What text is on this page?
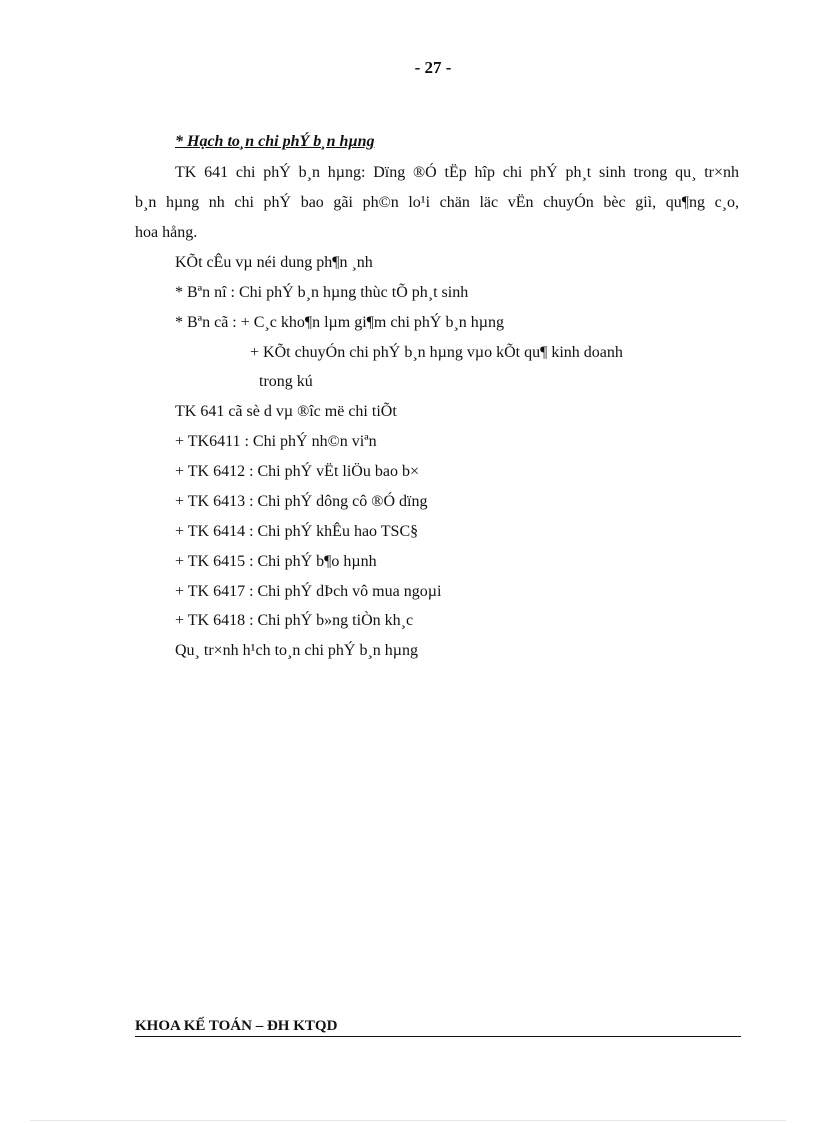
- 27 -
* Hạch to¸n chi phÝ b¸n hµng
TK 641 chi phÝ b¸n hµng: Dïng ®Ó tËp hîp chi phÝ ph¸t sinh trong qu¸ tr×nh
b¸n hµng nh chi phÝ bao gãi ph©n lo¹i chän läc vËn chuyÓn bèc giì, qu¶ng c¸o,
hoa hång.
KÕt cÊu vµ néi dung ph¶n ¸nh
* Bªn nî : Chi phÝ b¸n hµng thùc tÕ ph¸t sinh
* Bªn cã : + C¸c kho¶n lµm gi¶m chi phÝ b¸n hµng
+ KÕt chuyÓn chi phÝ b¸n hµng vµo kÕt qu¶ kinh doanh
trong kú
TK 641 cã sè d vµ ®îc më chi tiÕt
+ TK6411 : Chi phÝ nh©n viªn
+ TK 6412 : Chi phÝ vËt liÖu bao b×
+ TK 6413 : Chi phÝ dông cô ®Ó dïng
+ TK 6414 : Chi phÝ khÊu hao TSC§
+ TK 6415 : Chi phÝ b¶o hµnh
+ TK 6417 : Chi phÝ dÞch vô mua ngoµi
+ TK 6418 : Chi phÝ b»ng tiÒn kh¸c
Qu¸ tr×nh h¹ch to¸n chi phÝ b¸n hµng
KHOA KẾ TOÁN – ĐH KTQD
